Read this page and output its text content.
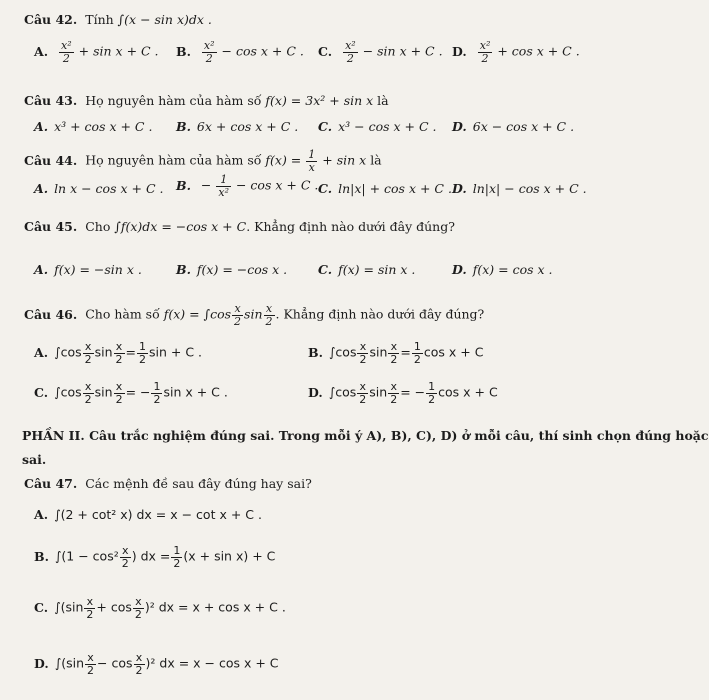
Câu 42. Tính ∫(x − sin x)dx .
A. $\frac{\text{x²}}{2} + \sin x + C$ . B. $\frac{\text{x²}}{2} - \cos x + C$ . C. $\frac{\text{x²}}{2} - \sin x + C$ . D. $\frac{\text{x²}}{2} + \cos x + C$ .
Câu 43. Họ nguyên hàm của hàm số f(x) = 3x² + sin x là
A. x³ + cos x + C . B. 6x + cos x + C . C. x³ − cos x + C . D. 6x − cos x + C .
Câu 44. Họ nguyên hàm của hàm số $f(x) = \frac{1}{x} + \sin x$ là
A. ln x − cos x + C . B. − $\frac{1}{\text{x²}} - \cos x + C$ . C. ln|x| + cos x + C . D. ln|x| − cos x + C .
Câu 45. Cho ∫f(x)dx = −cos x + C. Khẳng định nào dưới đây đúng?
A. f(x) = −sin x .	B. f(x) = −cos x . C. f(x) = sin x .	D. f(x) = cos x .
Câu 46. Cho hàm số $f(x) = \int\cos \frac{x}{2}$ $\sin \frac{x}{2}$ . Khẳng định nào dưới đây đúng?
A. $\int\cos \frac{x}{2}$ $\sin \frac{x}{2} = \frac{1}{2}$ sin + C .	B. $\int\cos \frac{x}{2}$ $\sin \frac{x}{2} = \frac{1}{2}$ cos x + C
C. $\int\cos \frac{x}{2}$ $\sin \frac{x}{2}$ = − $\frac{1}{2}$ sin x + C .	D. $\int\cos \frac{x}{2}$ $\sin \frac{x}{2}$ = − $\frac{1}{2}$ cos x + C
PHẦN II. Câu trắc nghiệm đúng sai. Trong mỗi ý A), B), C), D) ở mỗi câu, thí sinh chọn đúng hoặc
sai.
Câu 47. Các mệnh đề sau đây đúng hay sai?
A. ∫(2 + cot² x) dx = x − cot x + C .
B. $\int(1 - \cos^2 \frac{x}{2}$ ) dx = $\frac{1}{2} (x + \sin x) + C$
C. $\int(\sin \frac{x}{2} + \cos \frac{x}{2} )^2$ dx = x + cos x + C .
D. $\int(\sin \frac{x}{2} - \cos \frac{x}{2} )^2$ dx = x − cos x + C
